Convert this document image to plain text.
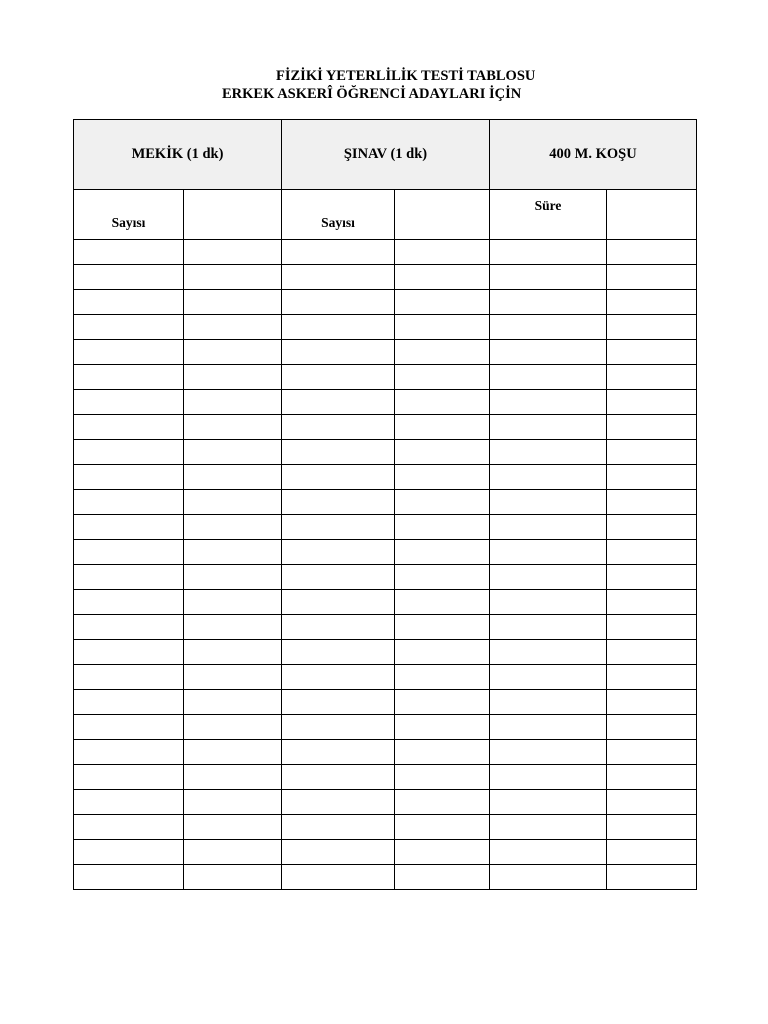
FİZİKİ YETERLİLİK TESTİ TABLOSU
ERKEK ASKERÎ ÖĞRENCİ ADAYLARI İÇİN
MEKİK (1 dk)		ŞINAV (1 dk)		400 M. KOŞU	

Sayısı		Sayısı		Süre	
